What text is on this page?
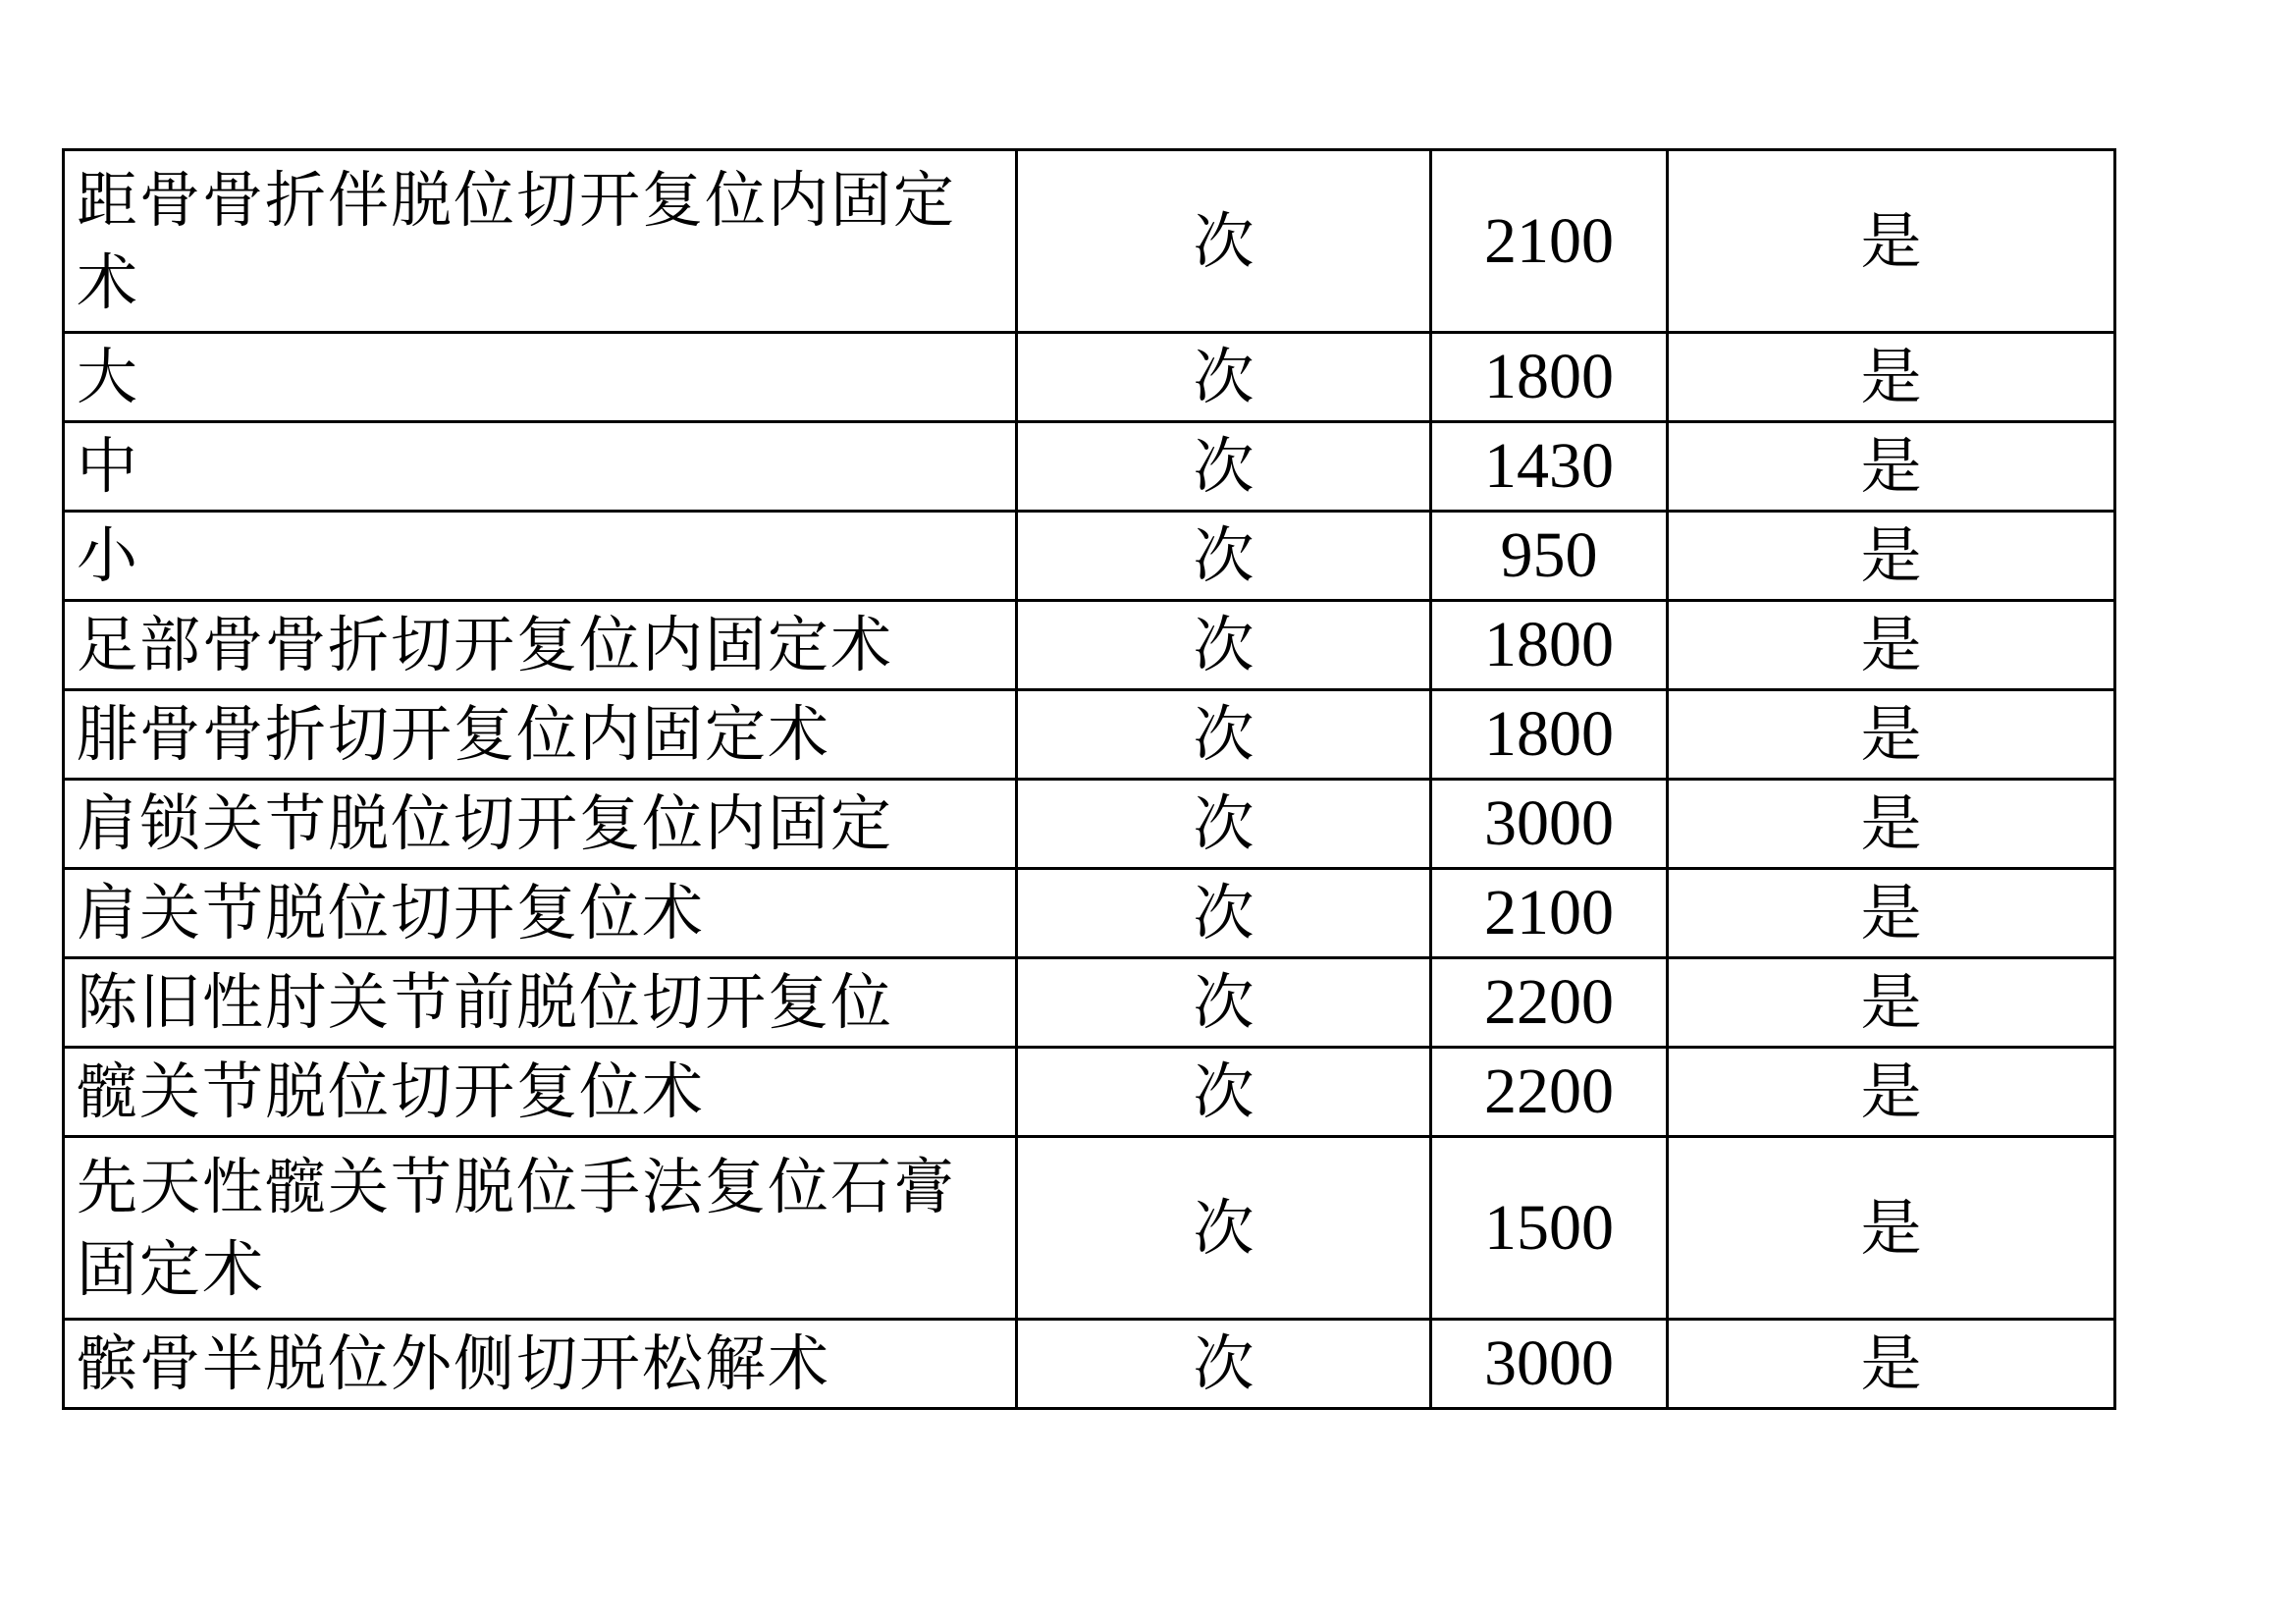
距骨骨折伴脱位切开复位内固定术	次	2100	是
大	次	1800	是
中	次	1430	是
小	次	950	是
足部骨骨折切开复位内固定术	次	1800	是
腓骨骨折切开复位内固定术	次	1800	是
肩锁关节脱位切开复位内固定	次	3000	是
肩关节脱位切开复位术	次	2100	是
陈旧性肘关节前脱位切开复位	次	2200	是
髋关节脱位切开复位术	次	2200	是
先天性髋关节脱位手法复位石膏固定术	次	1500	是
髌骨半脱位外侧切开松解术	次	3000	是
